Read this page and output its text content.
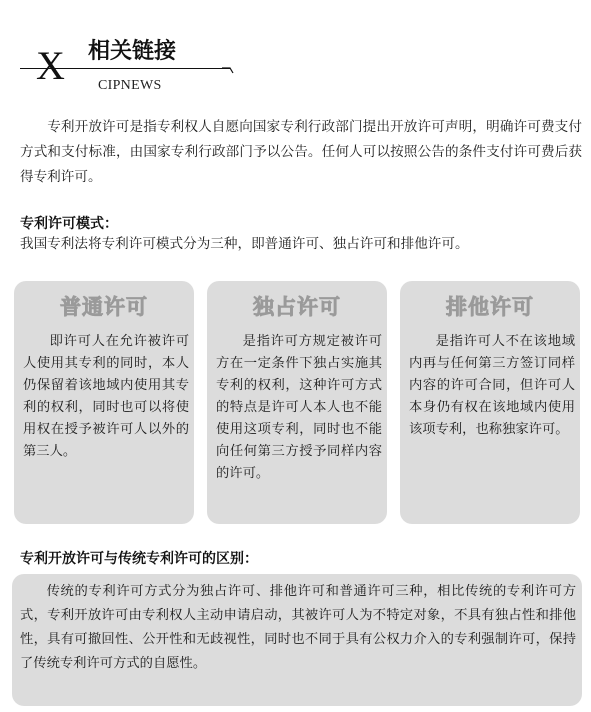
X 相关链接
CIPNEWS

专利开放许可是指专利权人自愿向国家专利行政部门提出开放许可声明，明确许可费支付方式和支付标准，由国家专利行政部门予以公告。任何人可以按照公告的条件支付许可费后获得专利许可。

专利许可模式：

我国专利法将专利许可模式分为三种，即普通许可、独占许可和排他许可。

普通许可

即许可人在允许被许可人使用其专利的同时，本人仍保留着该地域内使用其专利的权利，同时也可以将使用权在授予被许可人以外的第三人。

独占许可

是指许可方规定被许可方在一定条件下独占实施其专利的权利，这种许可方式的特点是许可人本人也不能使用这项专利，同时也不能向任何第三方授予同样内容的许可。

排他许可

是指许可人不在该地域内再与任何第三方签订同样内容的许可合同，但许可人本身仍有权在该地域内使用该项专利，也称独家许可。

专利开放许可与传统专利许可的区别：

传统的专利许可方式分为独占许可、排他许可和普通许可三种，相比传统的专利许可方式，专利开放许可由专利权人主动申请启动，其被许可人为不特定对象，不具有独占性和排他性，具有可撤回性、公开性和无歧视性，同时也不同于具有公权力介入的专利强制许可，保持了传统专利许可方式的自愿性。
